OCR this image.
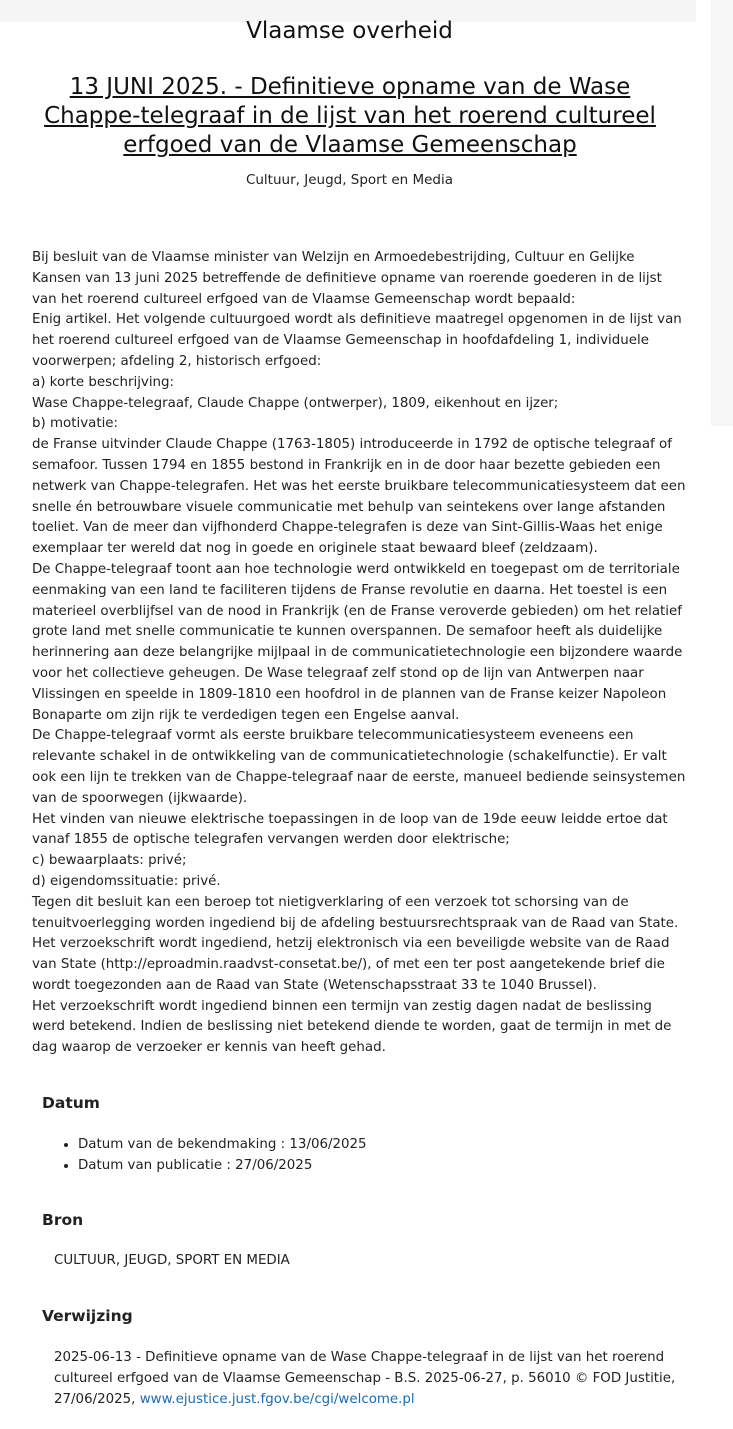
Vlaamse overheid
13 JUNI 2025. - Definitieve opname van de Wase
Chappe-telegraaf in de lijst van het roerend cultureel
erfgoed van de Vlaamse Gemeenschap
Cultuur, Jeugd, Sport en Media
Bij besluit van de Vlaamse minister van Welzijn en Armoedebestrijding, Cultuur en Gelijke
Kansen van 13 juni 2025 betreffende de definitieve opname van roerende goederen in de lijst
van het roerend cultureel erfgoed van de Vlaamse Gemeenschap wordt bepaald:
Enig artikel. Het volgende cultuurgoed wordt als definitieve maatregel opgenomen in de lijst van
het roerend cultureel erfgoed van de Vlaamse Gemeenschap in hoofdafdeling 1, individuele
voorwerpen; afdeling 2, historisch erfgoed:
a) korte beschrijving:
Wase Chappe-telegraaf, Claude Chappe (ontwerper), 1809, eikenhout en ijzer;
b) motivatie:
de Franse uitvinder Claude Chappe (1763-1805) introduceerde in 1792 de optische telegraaf of
semafoor. Tussen 1794 en 1855 bestond in Frankrijk en in de door haar bezette gebieden een
netwerk van Chappe-telegrafen. Het was het eerste bruikbare telecommunicatiesysteem dat een
snelle én betrouwbare visuele communicatie met behulp van seintekens over lange afstanden
toeliet. Van de meer dan vijfhonderd Chappe-telegrafen is deze van Sint-Gillis-Waas het enige
exemplaar ter wereld dat nog in goede en originele staat bewaard bleef (zeldzaam).
De Chappe-telegraaf toont aan hoe technologie werd ontwikkeld en toegepast om de territoriale
eenmaking van een land te faciliteren tijdens de Franse revolutie en daarna. Het toestel is een
materieel overblijfsel van de nood in Frankrijk (en de Franse veroverde gebieden) om het relatief
grote land met snelle communicatie te kunnen overspannen. De semafoor heeft als duidelijke
herinnering aan deze belangrijke mijlpaal in de communicatietechnologie een bijzondere waarde
voor het collectieve geheugen. De Wase telegraaf zelf stond op de lijn van Antwerpen naar
Vlissingen en speelde in 1809-1810 een hoofdrol in de plannen van de Franse keizer Napoleon
Bonaparte om zijn rijk te verdedigen tegen een Engelse aanval.
De Chappe-telegraaf vormt als eerste bruikbare telecommunicatiesysteem eveneens een
relevante schakel in de ontwikkeling van de communicatietechnologie (schakelfunctie). Er valt
ook een lijn te trekken van de Chappe-telegraaf naar de eerste, manueel bediende seinsystemen
van de spoorwegen (ijkwaarde).
Het vinden van nieuwe elektrische toepassingen in de loop van de 19de eeuw leidde ertoe dat
vanaf 1855 de optische telegrafen vervangen werden door elektrische;
c) bewaarplaats: privé;
d) eigendomssituatie: privé.
Tegen dit besluit kan een beroep tot nietigverklaring of een verzoek tot schorsing van de
tenuitvoerlegging worden ingediend bij de afdeling bestuursrechtspraak van de Raad van State.
Het verzoekschrift wordt ingediend, hetzij elektronisch via een beveiligde website van de Raad
van State (http://eproadmin.raadvst-consetat.be/), of met een ter post aangetekende brief die
wordt toegezonden aan de Raad van State (Wetenschapsstraat 33 te 1040 Brussel).
Het verzoekschrift wordt ingediend binnen een termijn van zestig dagen nadat de beslissing
werd betekend. Indien de beslissing niet betekend diende te worden, gaat de termijn in met de
dag waarop de verzoeker er kennis van heeft gehad.
Datum
• Datum van de bekendmaking : 13/06/2025
• Datum van publicatie : 27/06/2025
Bron
CULTUUR, JEUGD, SPORT EN MEDIA
Verwijzing
2025-06-13 - Definitieve opname van de Wase Chappe-telegraaf in de lijst van het roerend
cultureel erfgoed van de Vlaamse Gemeenschap - B.S. 2025-06-27, p. 56010 © FOD Justitie,
27/06/2025, www.ejustice.just.fgov.be/cgi/welcome.pl
